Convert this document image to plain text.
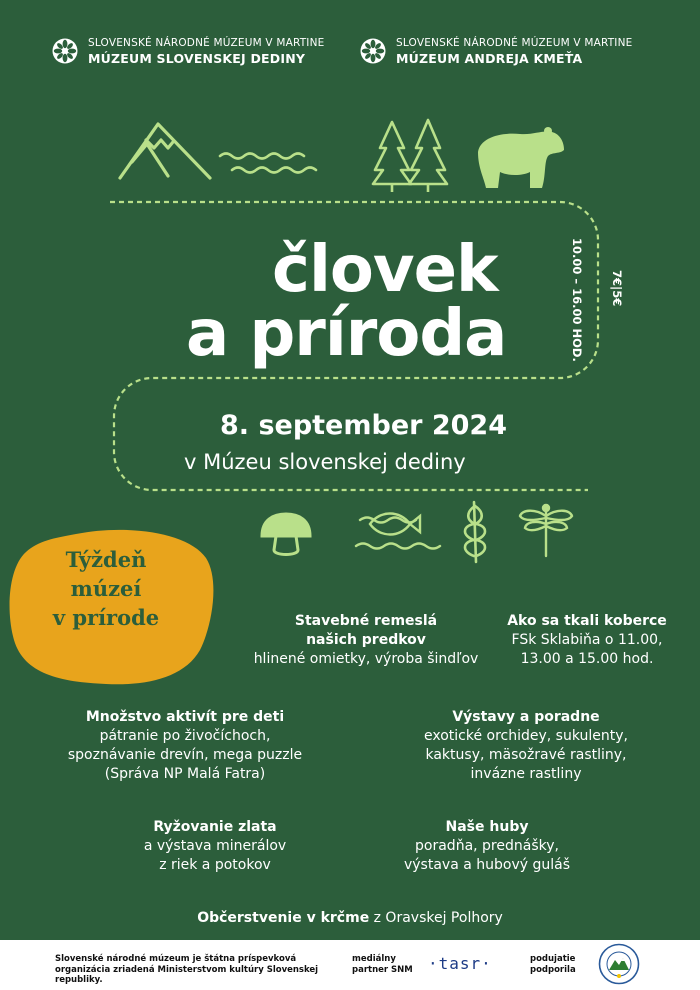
SLOVENSKÉ NÁRODNÉ MÚZEUM V MARTINE
MÚZEUM SLOVENSKEJ DEDINY
SLOVENSKÉ NÁRODNÉ MÚZEUM V MARTINE
MÚZEUM ANDREJA KMEŤA
človek
a príroda	10.00 – 16.00 HOD. 7€|5€
8. september 2024
v Múzeu slovenskej dediny
Týždeň
múzeí
v prírode	Stavebné remeslá
našich predkov
hlinené omietky, výroba šindľov
Ako sa tkali koberce
FSk Sklabiňa o 11.00,
13.00 a 15.00 hod.
Množstvo aktivít pre deti
pátranie po živočíchoch,
spoznávanie drevín, mega puzzle
(Správa NP Malá Fatra)
Výstavy a poradne
exotické orchidey, sukulenty,
kaktusy, mäsožravé rastliny,
invázne rastliny
Ryžovanie zlata
a výstava minerálov
z riek a potokov
Naše huby
poradňa, prednášky,
výstava a hubový guláš
Občerstvenie v krčme z Oravskej Polhory
Slovenské národné múzeum je štátna príspevková organizácia zriadená Ministerstvom kultúry Slovenskej republiky.
mediálny
partner SNM ·tasr·	podujatie
podporila
